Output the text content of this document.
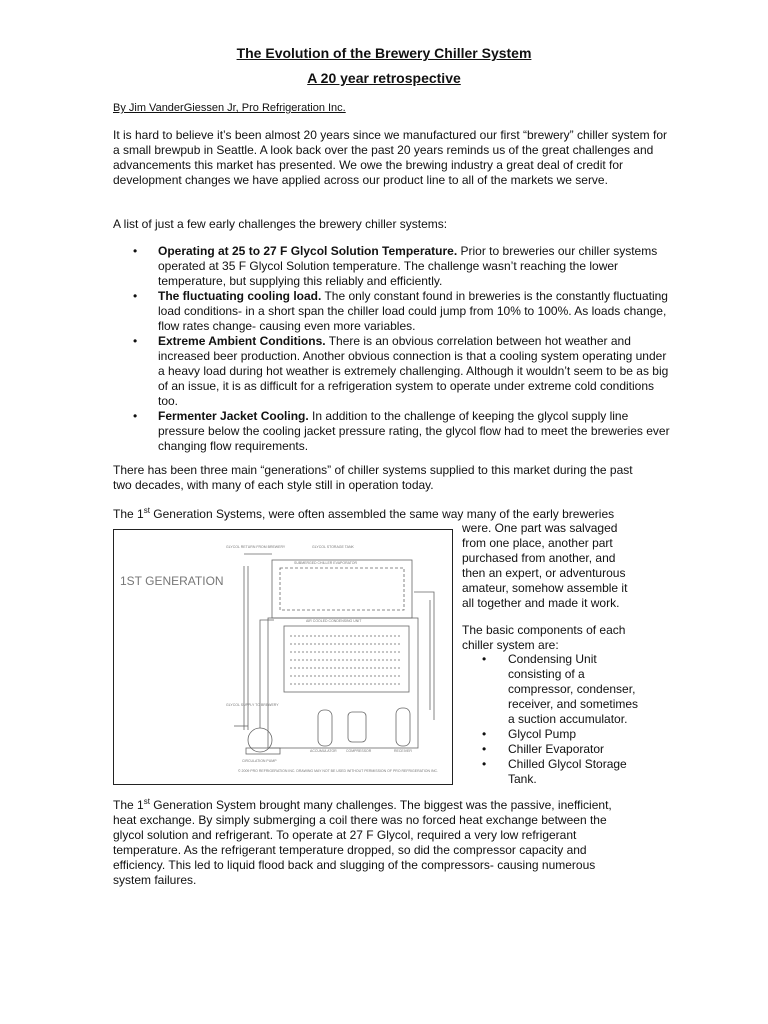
The Evolution of the Brewery Chiller System
A 20 year retrospective
By Jim VanderGiessen Jr, Pro Refrigeration Inc.

It is hard to believe it’s been almost 20 years since we manufactured our first “brewery” chiller system for a small brewpub in Seattle. A look back over the past 20 years reminds us of the great challenges and advancements this market has presented. We owe the brewing industry a great deal of credit for development changes we have applied across our product line to all of the markets we serve.

A list of just a few early challenges the brewery chiller systems:

• Operating at 25 to 27 F Glycol Solution Temperature. Prior to breweries our chiller systems operated at 35 F Glycol Solution temperature. The challenge wasn’t reaching the lower temperature, but supplying this reliably and efficiently.
• The fluctuating cooling load. The only constant found in breweries is the constantly fluctuating load conditions- in a short span the chiller load could jump from 10% to 100%. As loads change, flow rates change- causing even more variables.
• Extreme Ambient Conditions. There is an obvious correlation between hot weather and increased beer production. Another obvious connection is that a cooling system operating under a heavy load during hot weather is extremely challenging. Although it wouldn’t seem to be as big of an issue, it is as difficult for a refrigeration system to operate under extreme cold conditions too.
• Fermenter Jacket Cooling. In addition to the challenge of keeping the glycol supply line pressure below the cooling jacket pressure rating, the glycol flow had to meet the breweries ever changing flow requirements.

There has been three main “generations” of chiller systems supplied to this market during the past two decades, with many of each style still in operation today.

The 1st Generation Systems, were often assembled the same way many of the early breweries

were. One part was salvaged
from one place, another part
purchased from another, and
then an expert, or adventurous
amateur, somehow assemble it
all together and made it work.
The basic components of each
chiller system are:
• Condensing Unit
consisting of a
compressor, condenser,
receiver, and sometimes
a suction accumulator.
• Glycol Pump
• Chiller Evaporator
• Chilled Glycol Storage
Tank.
1ST GENERATION
GLYCOL RETURN FROM BREWERY	GLYCOL STORAGE TANK
SUBMERGED CHILLER EVAPORATOR
AIR COOLED CONDENSING UNIT
GLYCOL SUPPLY TO BREWERY
CIRCULATION PUMP
ACCUMULATOR	COMPRESSOR	RECEIVER
© 2009 PRO REFRIGERATION INC. DRAWING MAY NOT BE USED WITHOUT PERMISSION OF PRO REFRIGERATION INC.
The 1st Generation System brought many challenges. The biggest was the passive, inefficient,
heat exchange. By simply submerging a coil there was no forced heat exchange between the
glycol solution and refrigerant. To operate at 27 F Glycol, required a very low refrigerant
temperature. As the refrigerant temperature dropped, so did the compressor capacity and
efficiency. This led to liquid flood back and slugging of the compressors- causing numerous
system failures.
